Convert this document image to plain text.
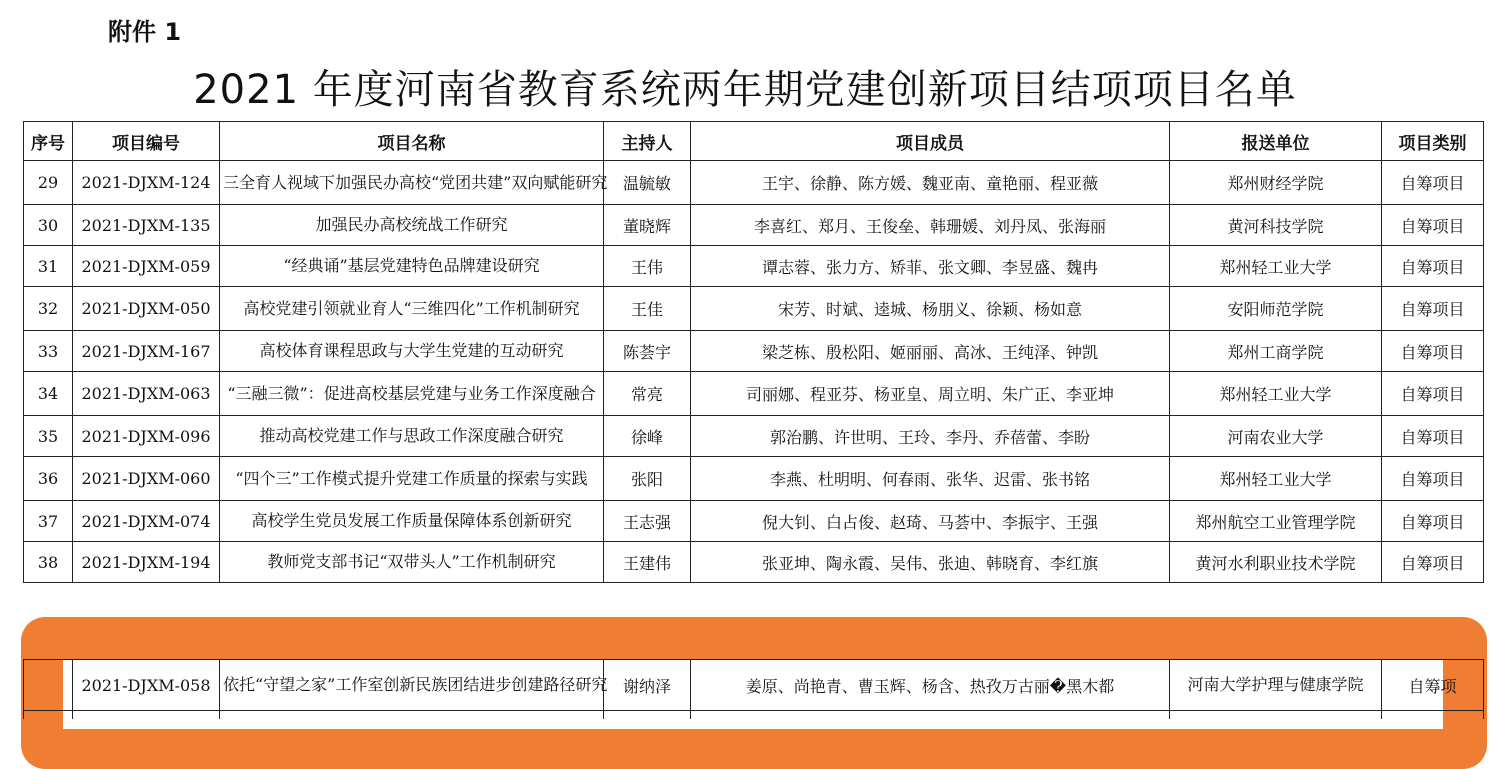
附件 1
2021 年度河南省教育系统两年期党建创新项目结项项目名单
序号	项目编号	项目名称	主持人	项目成员	报送单位	项目类别
29	2021-DJXM-124	三全育人视域下加强民办高校“党团共建”双向赋能研究	温毓敏	王宇、徐静、陈方媛、魏亚南、童艳丽、程亚薇	郑州财经学院	自筹项目
30	2021-DJXM-135	加强民办高校统战工作研究	董晓辉	李喜红、郑月、王俊垒、韩珊媛、刘丹凤、张海丽	黄河科技学院	自筹项目
31	2021-DJXM-059	“经典诵”基层党建特色品牌建设研究	王伟	谭志蓉、张力方、矫菲、张文卿、李昱盛、魏冉	郑州轻工业大学	自筹项目
32	2021-DJXM-050	高校党建引领就业育人“三维四化”工作机制研究	王佳	宋芳、时斌、逵城、杨朋义、徐颖、杨如意	安阳师范学院	自筹项目
33	2021-DJXM-167	高校体育课程思政与大学生党建的互动研究	陈荟宇	梁芝栋、殷松阳、姬丽丽、高冰、王纯泽、钟凯	郑州工商学院	自筹项目
34	2021-DJXM-063	“三融三微”：促进高校基层党建与业务工作深度融合	常亮	司丽娜、程亚芬、杨亚皇、周立明、朱广正、李亚坤	郑州轻工业大学	自筹项目
35	2021-DJXM-096	推动高校党建工作与思政工作深度融合研究	徐峰	郭治鹏、许世明、王玲、李丹、乔蓓蕾、李盼	河南农业大学	自筹项目
36	2021-DJXM-060	“四个三”工作模式提升党建工作质量的探索与实践	张阳	李燕、杜明明、何春雨、张华、迟雷、张书铭	郑州轻工业大学	自筹项目
37	2021-DJXM-074	高校学生党员发展工作质量保障体系创新研究	王志强	倪大钊、白占俊、赵琦、马荟中、李振宇、王强	郑州航空工业管理学院	自筹项目
38	2021-DJXM-194	教师党支部书记“双带头人”工作机制研究	王建伟	张亚坤、陶永霞、吴伟、张迪、韩晓育、李红旗	黄河水利职业技术学院	自筹项目
	2021-DJXM-058	依托“守望之家”工作室创新民族团结进步创建路径研究	谢纳泽	姜原、尚艳青、曹玉辉、杨含、热孜万古丽�黑木都	河南大学护理与健康学院	自筹项
